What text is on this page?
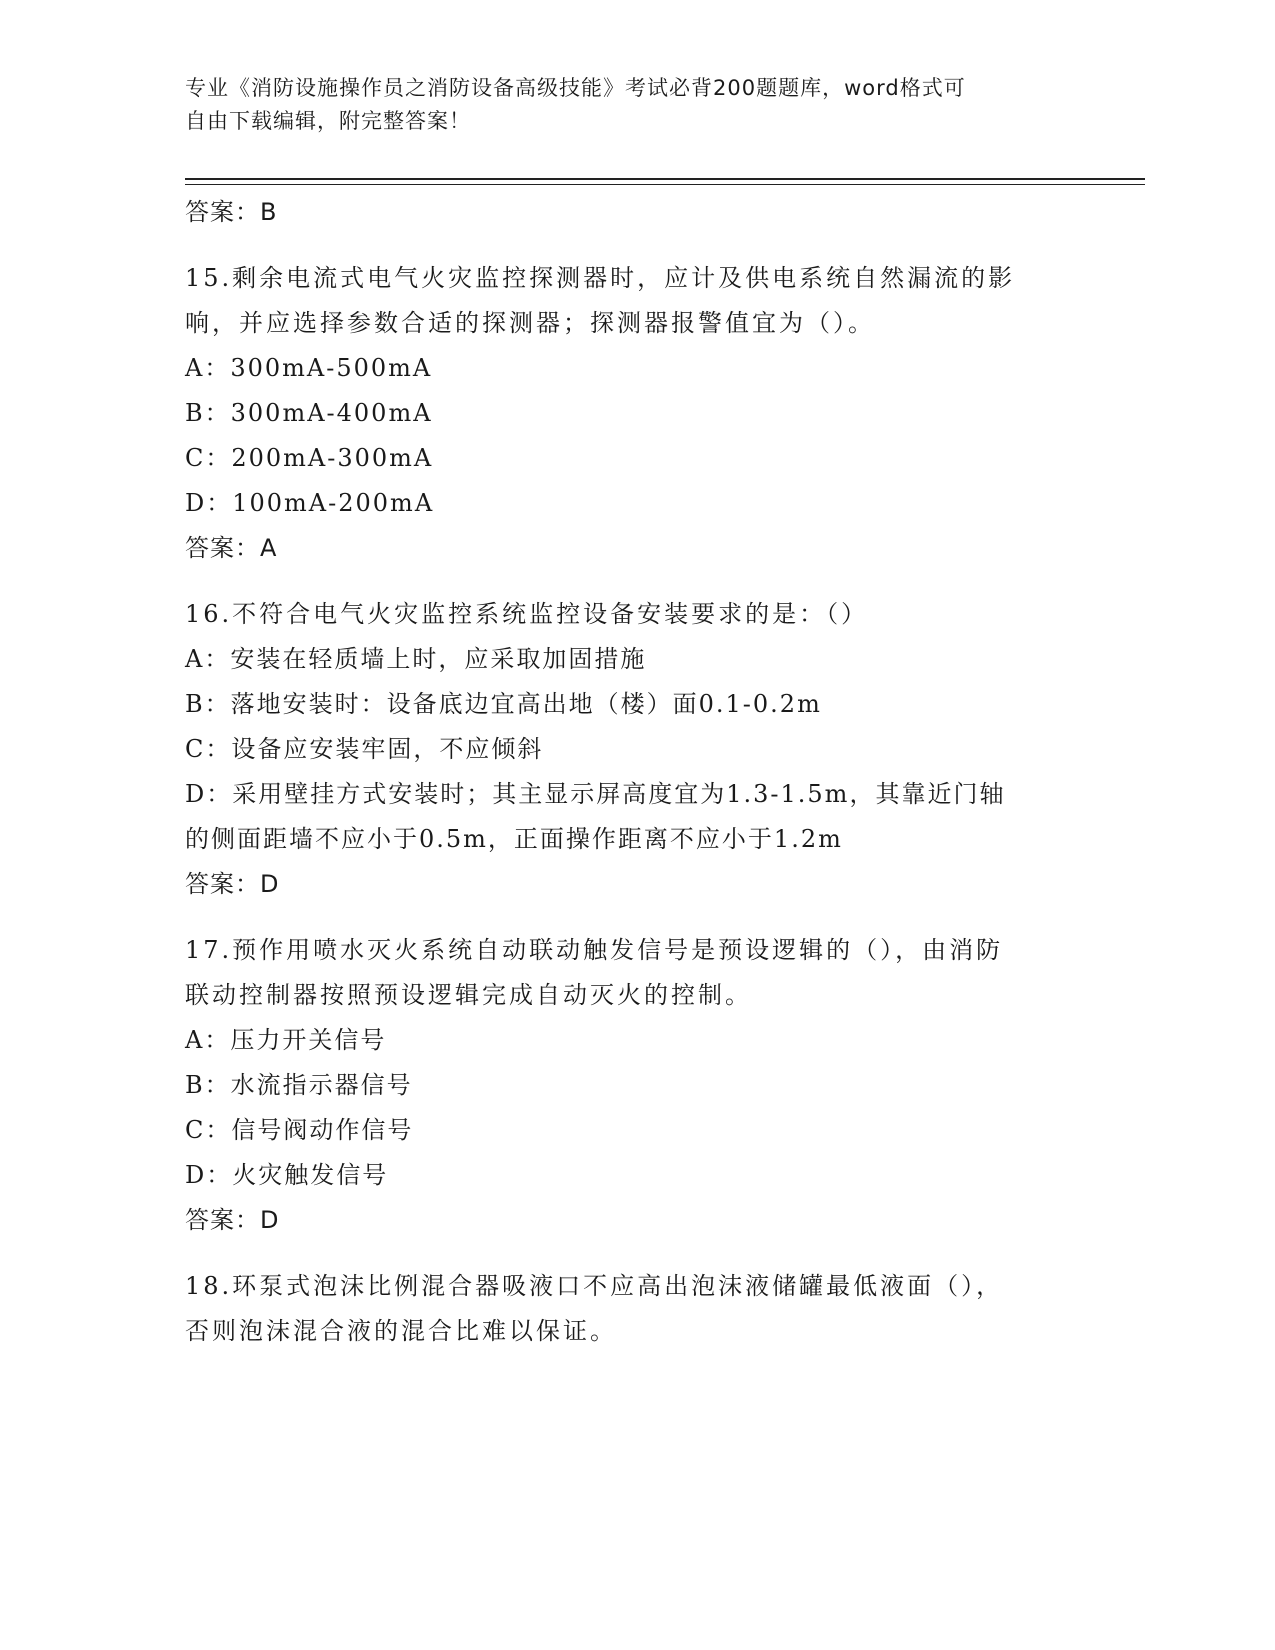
专业《消防设施操作员之消防设备高级技能》考试必背200题题库，word格式可
自由下载编辑，附完整答案！
答案：B
15.剩余电流式电气火灾监控探测器时，应计及供电系统自然漏流的影
响，并应选择参数合适的探测器；探测器报警值宜为（）。
A：300mA-500mA
B：300mA-400mA
C：200mA-300mA
D：100mA-200mA
答案：A
16.不符合电气火灾监控系统监控设备安装要求的是：（）
A：安装在轻质墙上时，应采取加固措施
B：落地安装时：设备底边宜高出地（楼）面0.1-0.2m
C：设备应安装牢固，不应倾斜
D：采用壁挂方式安装时；其主显示屏高度宜为1.3-1.5m，其靠近门轴
的侧面距墙不应小于0.5m，正面操作距离不应小于1.2m
答案：D
17.预作用喷水灭火系统自动联动触发信号是预设逻辑的（），由消防
联动控制器按照预设逻辑完成自动灭火的控制。
A：压力开关信号
B：水流指示器信号
C：信号阀动作信号
D：火灾触发信号
答案：D
18.环泵式泡沫比例混合器吸液口不应高出泡沫液储罐最低液面（），
否则泡沫混合液的混合比难以保证。
